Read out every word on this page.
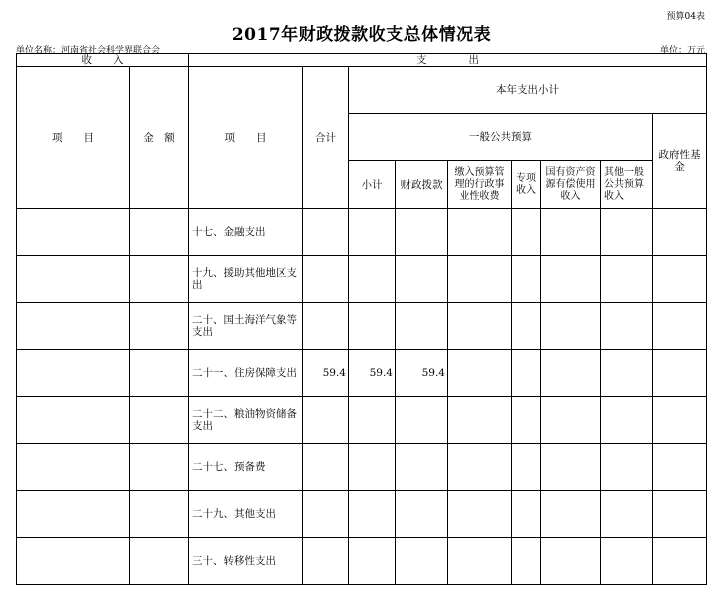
预算04表
2017年财政拨款收支总体情况表
单位名称：河南省社会科学界联合会	单位：万元
收　　入		支　　　　出								
项　　目	金　额	项　　目	合计	本年支出小计						
				一般公共预算						政府性基金
				小计	财政拨款	缴入预算管理的行政事业性收费	专项收入	国有资产资源有偿使用收入	其他一般公共预算收入	
		十七、金融支出								
		十九、援助其他地区支出								
		二十、国土海洋气象等支出								
		二十一、住房保障支出	59.4	59.4	59.4					
		二十二、粮油物资储备支出								
		二十七、预备费								
		二十九、其他支出								
		三十、转移性支出								
